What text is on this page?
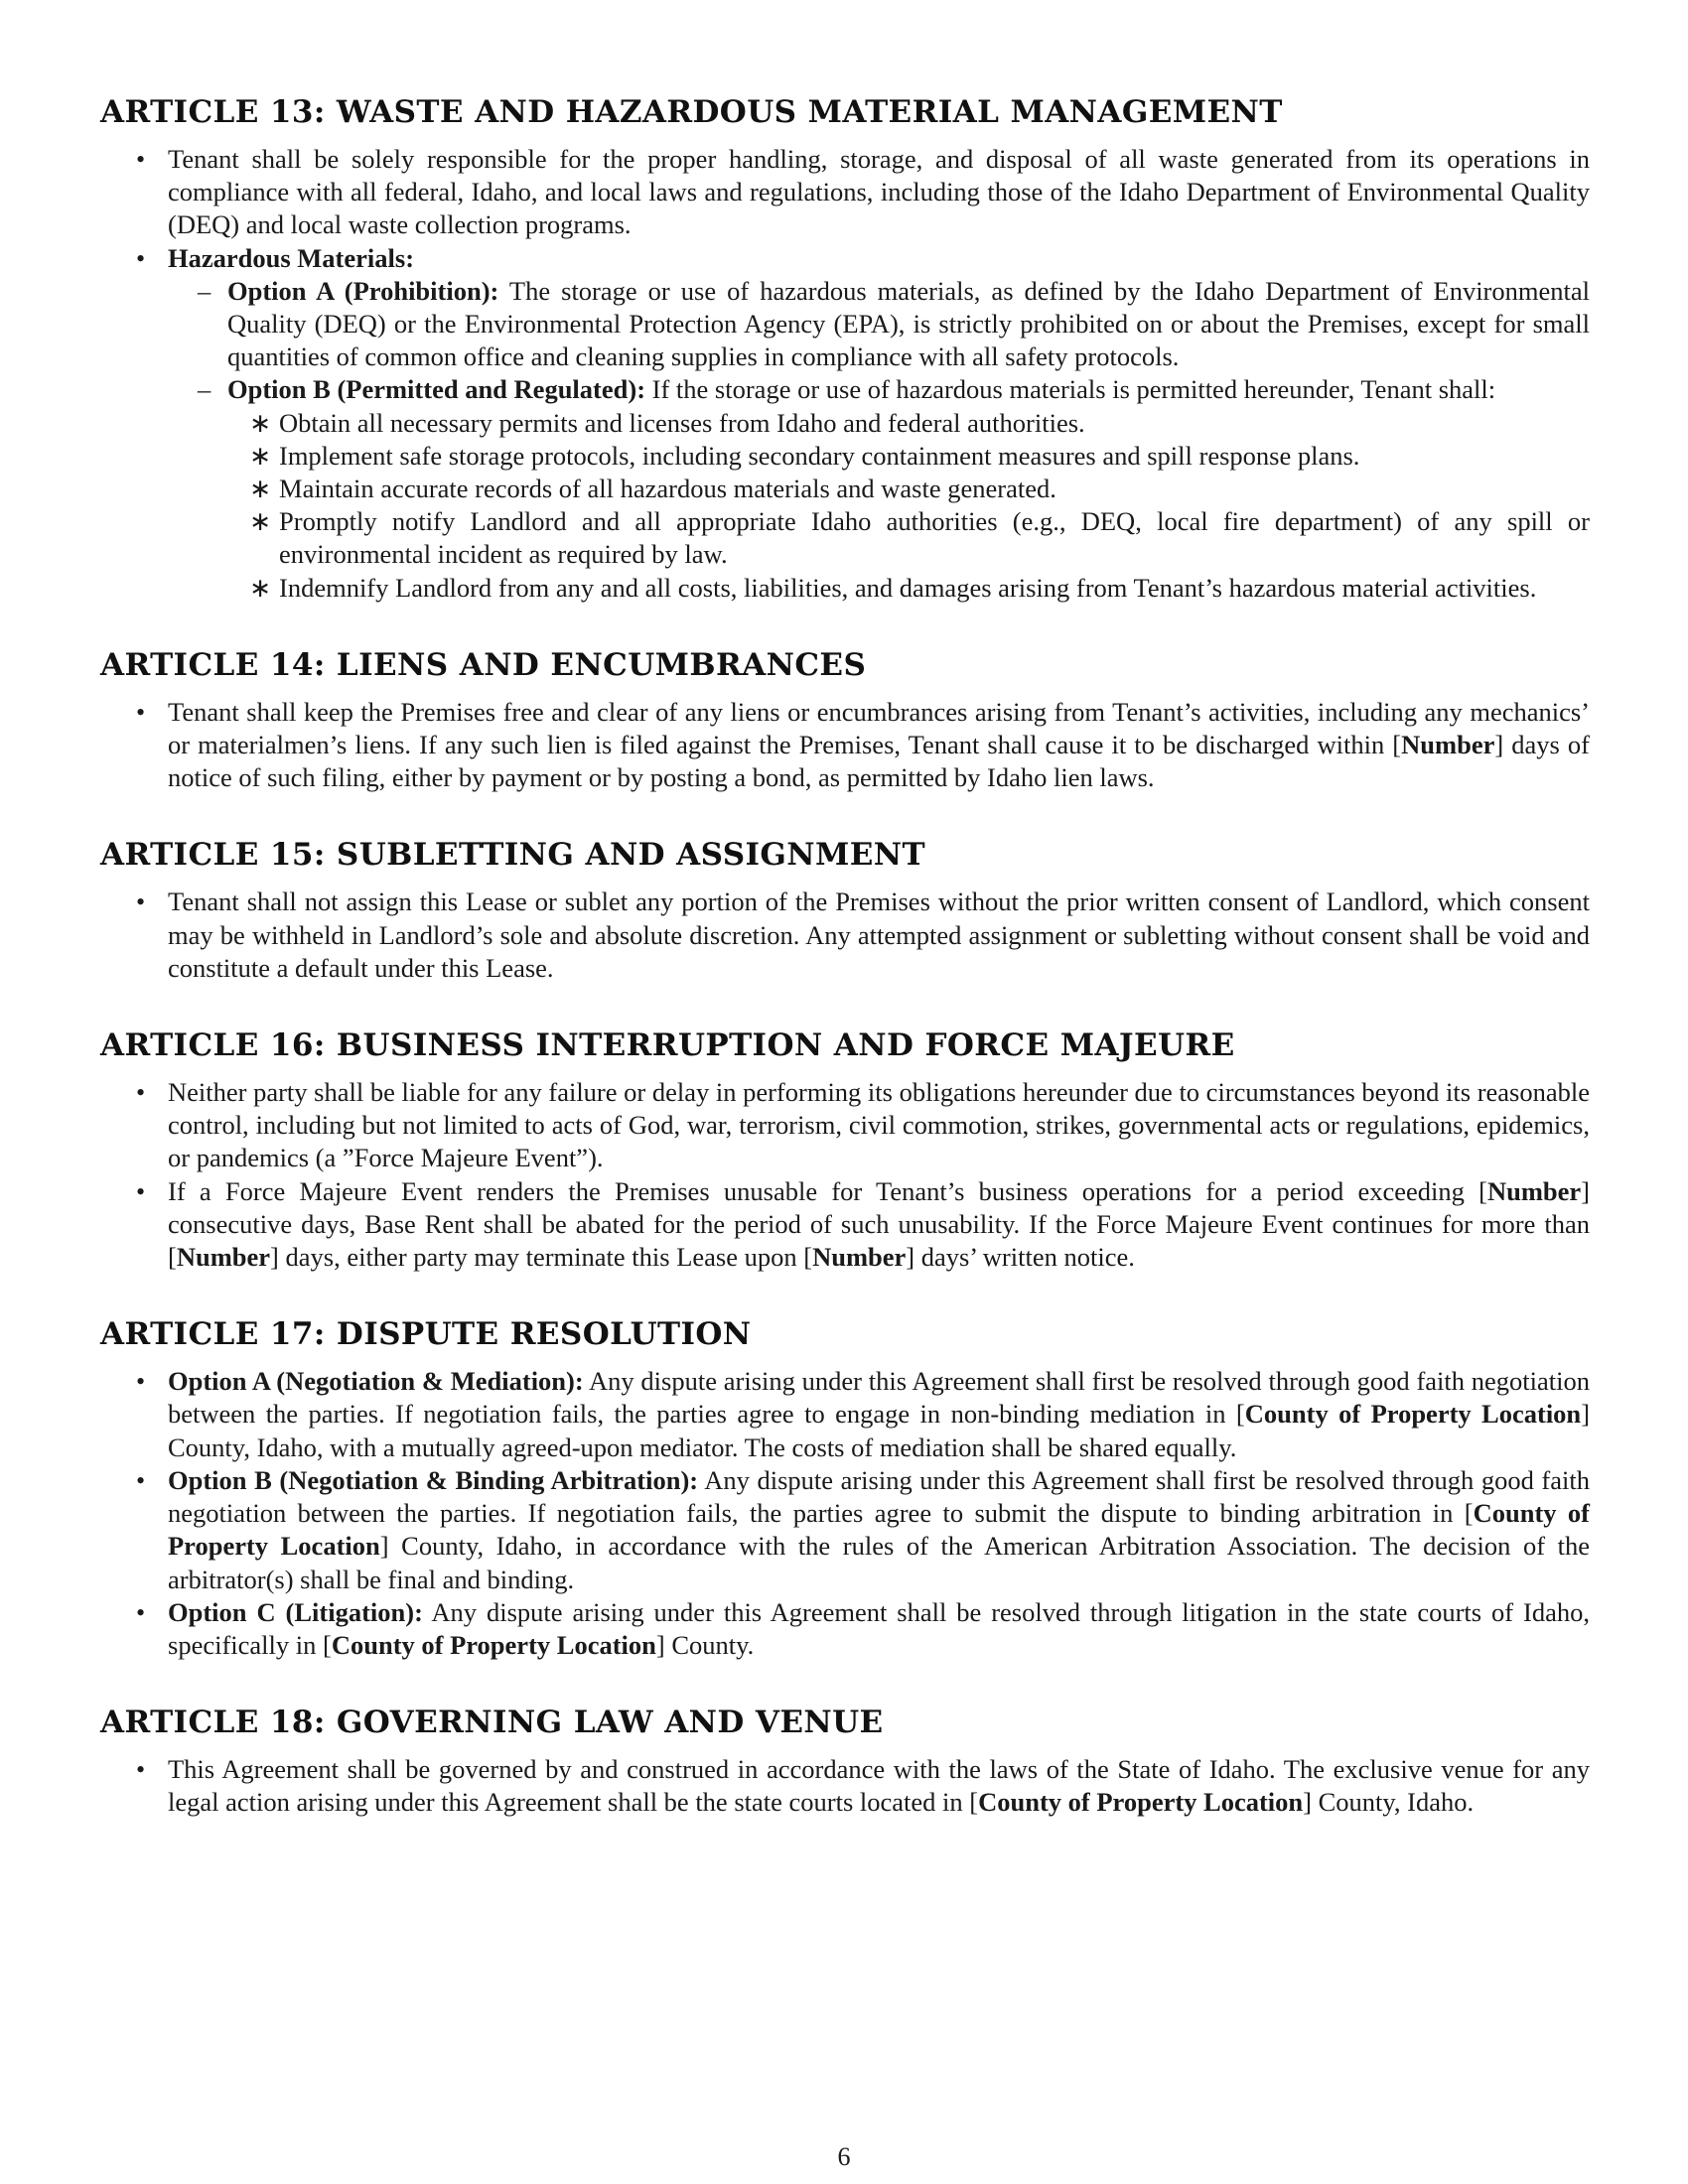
ARTICLE 13: WASTE AND HAZARDOUS MATERIAL MANAGEMENT
• Tenant shall be solely responsible for the proper handling, storage, and disposal of all waste generated from its operations in compliance with all federal, Idaho, and local laws and regulations, including those of the Idaho Department of Environmental Quality (DEQ) and local waste collection programs.
• Hazardous Materials:
– Option A (Prohibition): The storage or use of hazardous materials, as defined by the Idaho Department of Environmental Quality (DEQ) or the Environmental Protection Agency (EPA), is strictly prohibited on or about the Premises, except for small quantities of common office and cleaning supplies in compliance with all safety protocols.
– Option B (Permitted and Regulated): If the storage or use of hazardous materials is permitted hereunder, Tenant shall:
∗ Obtain all necessary permits and licenses from Idaho and federal authorities.
∗ Implement safe storage protocols, including secondary containment measures and spill response plans.
∗ Maintain accurate records of all hazardous materials and waste generated.
∗ Promptly notify Landlord and all appropriate Idaho authorities (e.g., DEQ, local fire department) of any spill or environmental incident as required by law.
∗ Indemnify Landlord from any and all costs, liabilities, and damages arising from Tenant’s hazardous material activities.
ARTICLE 14: LIENS AND ENCUMBRANCES
• Tenant shall keep the Premises free and clear of any liens or encumbrances arising from Tenant’s activities, including any mechanics’ or materialmen’s liens. If any such lien is filed against the Premises, Tenant shall cause it to be discharged within [Number] days of notice of such filing, either by payment or by posting a bond, as permitted by Idaho lien laws.
ARTICLE 15: SUBLETTING AND ASSIGNMENT
• Tenant shall not assign this Lease or sublet any portion of the Premises without the prior written consent of Landlord, which consent may be withheld in Landlord’s sole and absolute discretion. Any attempted assignment or subletting without consent shall be void and constitute a default under this Lease.
ARTICLE 16: BUSINESS INTERRUPTION AND FORCE MAJEURE
• Neither party shall be liable for any failure or delay in performing its obligations hereunder due to circumstances beyond its reasonable control, including but not limited to acts of God, war, terrorism, civil commotion, strikes, governmental acts or regulations, epidemics, or pandemics (a ”Force Majeure Event”).
• If a Force Majeure Event renders the Premises unusable for Tenant’s business operations for a period exceeding [Number] consecutive days, Base Rent shall be abated for the period of such unusability. If the Force Majeure Event continues for more than [Number] days, either party may terminate this Lease upon [Number] days’ written notice.
ARTICLE 17: DISPUTE RESOLUTION
• Option A (Negotiation & Mediation): Any dispute arising under this Agreement shall first be resolved through good faith negotiation between the parties. If negotiation fails, the parties agree to engage in non-binding mediation in [County of Property Location] County, Idaho, with a mutually agreed-upon mediator. The costs of mediation shall be shared equally.
• Option B (Negotiation & Binding Arbitration): Any dispute arising under this Agreement shall first be resolved through good faith negotiation between the parties. If negotiation fails, the parties agree to submit the dispute to binding arbitration in [County of Property Location] County, Idaho, in accordance with the rules of the American Arbitration Association. The decision of the arbitrator(s) shall be final and binding.
• Option C (Litigation): Any dispute arising under this Agreement shall be resolved through litigation in the state courts of Idaho, specifically in [County of Property Location] County.
ARTICLE 18: GOVERNING LAW AND VENUE
• This Agreement shall be governed by and construed in accordance with the laws of the State of Idaho. The exclusive venue for any legal action arising under this Agreement shall be the state courts located in [County of Property Location] County, Idaho.
6
